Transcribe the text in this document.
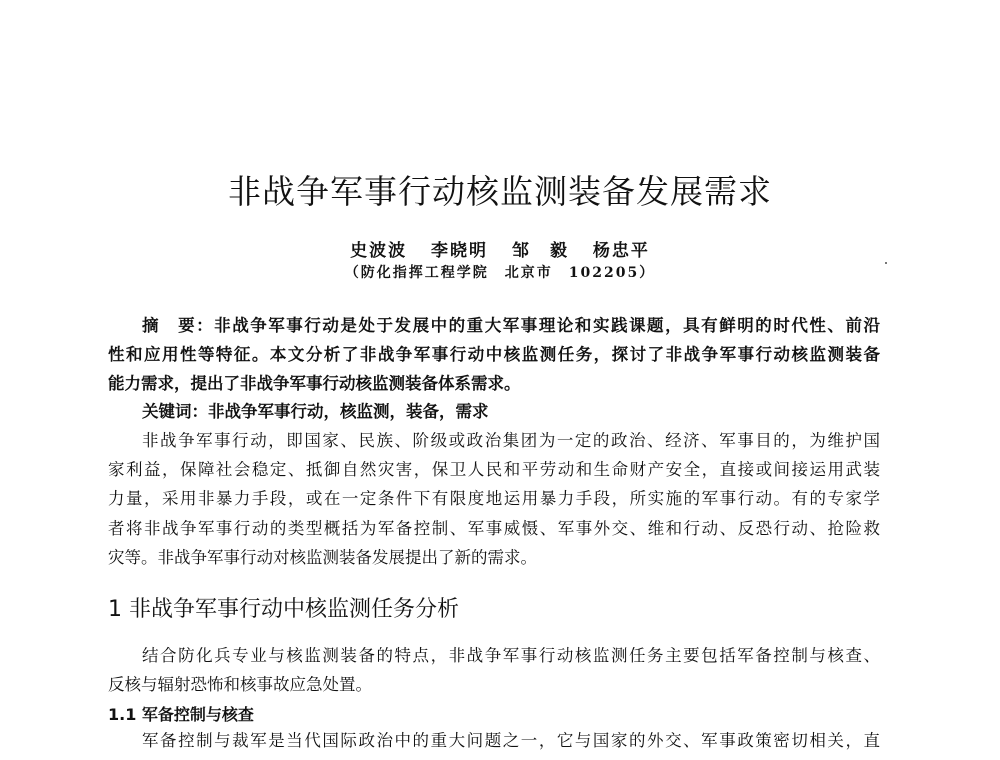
非战争军事行动核监测装备发展需求
史波波 李晓明 邹　毅 杨忠平
（防化指挥工程学院　北京市　102205）
摘　要：非战争军事行动是处于发展中的重大军事理论和实践课题，具有鲜明的时代性、前沿
性和应用性等特征。本文分析了非战争军事行动中核监测任务，探讨了非战争军事行动核监测装备
能力需求，提出了非战争军事行动核监测装备体系需求。
关键词：非战争军事行动，核监测，装备，需求
非战争军事行动，即国家、民族、阶级或政治集团为一定的政治、经济、军事目的，为维护国
家利益，保障社会稳定、抵御自然灾害，保卫人民和平劳动和生命财产安全，直接或间接运用武装
力量，采用非暴力手段，或在一定条件下有限度地运用暴力手段，所实施的军事行动。有的专家学
者将非战争军事行动的类型概括为军备控制、军事威慑、军事外交、维和行动、反恐行动、抢险救
灾等。非战争军事行动对核监测装备发展提出了新的需求。
1 非战争军事行动中核监测任务分析
结合防化兵专业与核监测装备的特点，非战争军事行动核监测任务主要包括军备控制与核查、
反核与辐射恐怖和核事故应急处置。
1.1 军备控制与核查
军备控制与裁军是当代国际政治中的重大问题之一，它与国家的外交、军事政策密切相关，直
